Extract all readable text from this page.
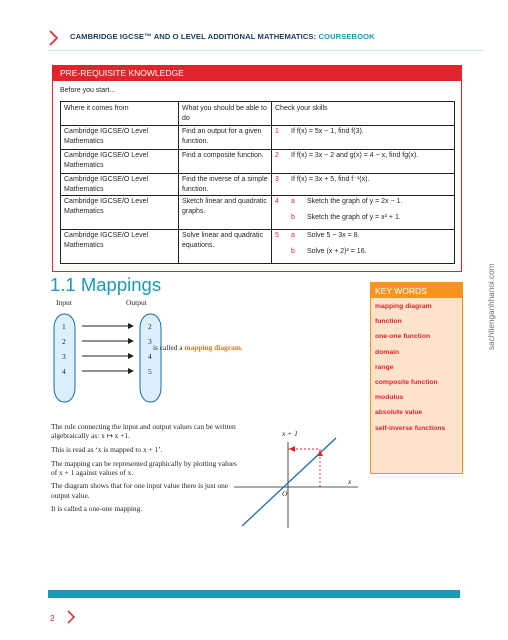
CAMBRIDGE IGCSE™ AND O LEVEL ADDITIONAL MATHEMATICS: COURSEBOOK
PRE-REQUISITE KNOWLEDGE
Before you start...
Where it comes from	What you should be able to do	Check your skills
Cambridge IGCSE/O Level Mathematics	Find an output for a given function.	1 If f(x) = 5x − 1, find f(3).

Cambridge IGCSE/O Level Mathematics	Find a composite function.	2 If f(x) = 3x − 2 and g(x) = 4 − x, find fg(x).

Cambridge IGCSE/O Level Mathematics	Find the inverse of a simple function.	3 If f(x) = 3x + 5, find f⁻¹(x).

Cambridge IGCSE/O Level Mathematics	Sketch linear and quadratic graphs.	4 a Sketch the graph of y = 2x − 1.
b Sketch the graph of y = x² + 1.

Cambridge IGCSE/O Level Mathematics	Solve linear and quadratic equations.	5 a Solve 5 − 3x = 8.
b Solve (x + 2)² = 16.
1.1 Mappings
Input	Output
1	2
2	3
3	4
4	5
is called a mapping diagram.

The rule connecting the input and output values can be written algebraically as: x ↦ x +1.

This is read as ‘x is mapped to x + 1’.

The mapping can be represented graphically by plotting values of x + 1 against values of x.

The diagram shows that for one input value there is just one output value.

It is called a one-one mapping.

x + 1
x
O
KEY WORDS
mapping diagram
function
one-one function
domain
range
composite function
modulus
absolute value
self-inverse functions
sachtienganhhanoi.com
2
